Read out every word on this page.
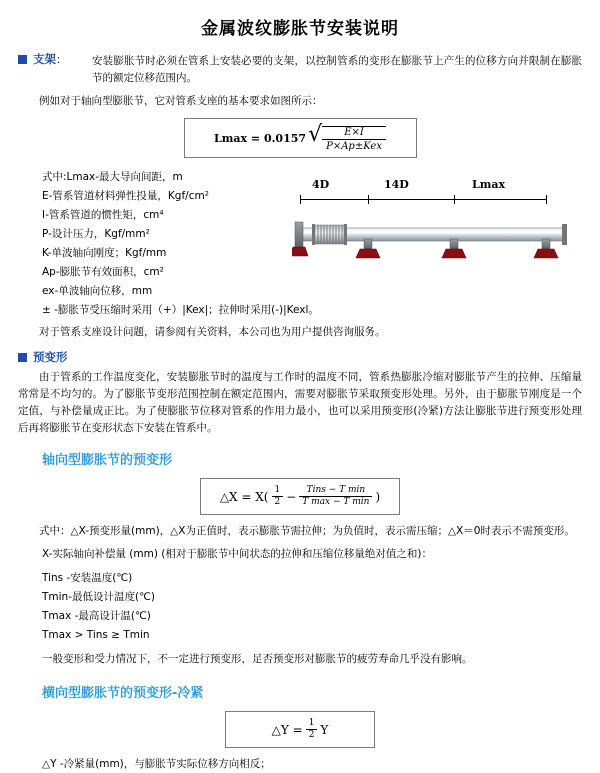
金属波纹膨胀节安装说明
支架 ：	安装膨胀节时必须在管系上安装必要的支架，以控制管系的变形在膨胀节上产生的位移方向并限制在膨胀节的额定位移范围内。
例如对于轴向型膨胀节，它对管系支座的基本要求如图所示：
Lmax = 0.0157 √ $\frac{E\times I}{\text{P×Ap±Kex}}$
式中:Lmax-最大导向间距，m
E-管系管道材料弹性投量，Kgf/cm²
I-管系管道的惯性矩，cm⁴
P-设计压力，Kgf/mm²
K-单波轴向刚度；Kgf/mm
Ap-膨胀节有效面积，cm²
ex-单波轴向位移，mm
± -膨胀节受压缩时采用（+）|Kex|；拉伸时采用(-)|Kexl。
4D	14D	Lmax
对于管系支座设计问题，请参阅有关资料，本公司也为用户提供咨询服务。
预变形
由于管系的工作温度变化，安装膨胀节时的温度与工作时的温度不同，管系热膨胀冷缩对膨胀节产生的拉伸、压缩量常常是不均匀的。为了膨胀节变形范围控制在额定范围内，需要对膨胀节采取预变形处理。另外，由于膨胀节刚度是一个定值，与补偿量成正比。为了使膨胀节位移对管系的作用力最小，也可以采用预变形(冷紧)方法让膨胀节进行预变形处理后再将膨胀节在变形状态下安装在管系中。
轴向型膨胀节的预变形
△X = $X( \frac{1}{2} - \frac{\text{Tins − T min}}{\text{T max − T min}}$ )
式中：△X-预变形量(mm)，△X为正值时，表示膨胀节需拉伸；为负值时，表示需压缩；△X＝0时表示不需预变形。
X-实际轴向补偿量 (mm) (相对于膨胀节中间状态的拉伸和压缩位移量绝对值之和)：
Tins -安装温度(℃)
Tmin-最低设计温度(℃)
Tmax -最高设计温(℃)
Tmax > Tins ≥ Tmin
一般变形和受力情况下，不一定进行预变形，足否预变形对膨胀节的疲劳寿命几乎没有影响。
横向型膨胀节的预变形-冷紧
△Y = $\frac{1}{2}$ Y
△Y -冷紧量(mm)，与膨胀节实际位移方向相反；
